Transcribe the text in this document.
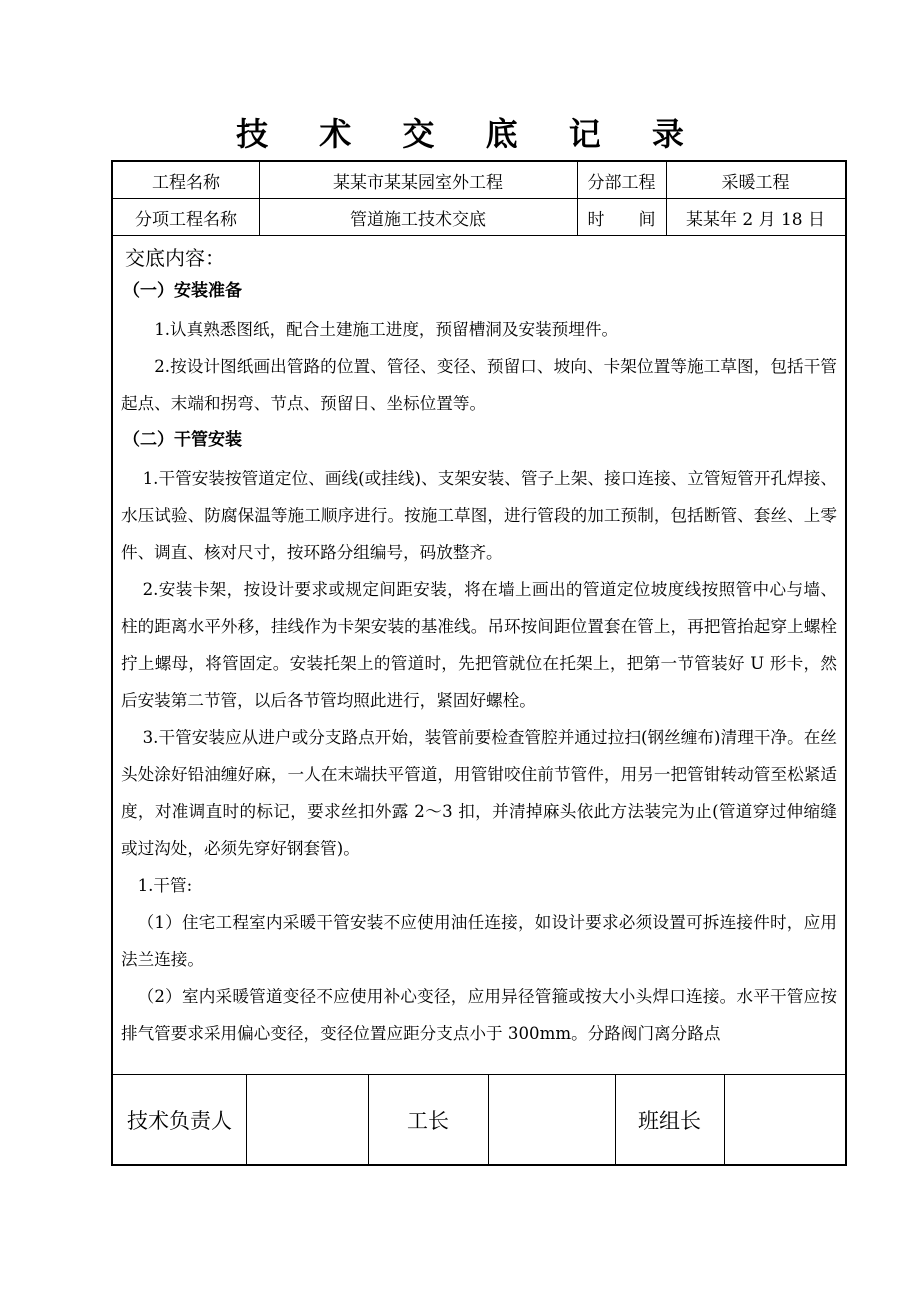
技 术 交 底 记 录
工程名称	某某市某某园室外工程	分部工程	采暖工程
分项工程名称	管道施工技术交底	时　　间	某某年 2 月 18 日
交底内容：
（一）安装准备

1.认真熟悉图纸，配合土建施工进度，预留槽洞及安装预埋件。

2.按设计图纸画出管路的位置、管径、变径、预留口、坡向、卡架位置等施工草图，包括干管起点、末端和拐弯、节点、预留日、坐标位置等。

（二）干管安装

1.干管安装按管道定位、画线(或挂线)、支架安装、管子上架、接口连接、立管短管开孔焊接、水压试验、防腐保温等施工顺序进行。按施工草图，进行管段的加工预制，包括断管、套丝、上零件、调直、核对尺寸，按环路分组编号，码放整齐。

2.安装卡架，按设计要求或规定间距安装，将在墙上画出的管道定位坡度线按照管中心与墙、柱的距离水平外移，挂线作为卡架安装的基准线。吊环按间距位置套在管上，再把管抬起穿上螺栓拧上螺母，将管固定。安装托架上的管道时，先把管就位在托架上，把第一节管装好 U 形卡，然后安装第二节管，以后各节管均照此进行，紧固好螺栓。

3.干管安装应从进户或分支路点开始，装管前要检查管腔并通过拉扫(钢丝缠布)清理干净。在丝头处涂好铅油缠好麻，一人在末端扶平管道，用管钳咬住前节管件，用另一把管钳转动管至松紧适度，对准调直时的标记，要求丝扣外露 2～3 扣，并清掉麻头依此方法装完为止(管道穿过伸缩缝或过沟处，必须先穿好钢套管)。

1.干管:

（1）住宅工程室内采暖干管安装不应使用油任连接，如设计要求必须设置可拆连接件时，应用法兰连接。

（2）室内采暖管道变径不应使用补心变径，应用异径管箍或按大小头焊口连接。水平干管应按排气管要求采用偏心变径，变径位置应距分支点小于 300mm。分路阀门离分路点

技术负责人	工长	班组长
